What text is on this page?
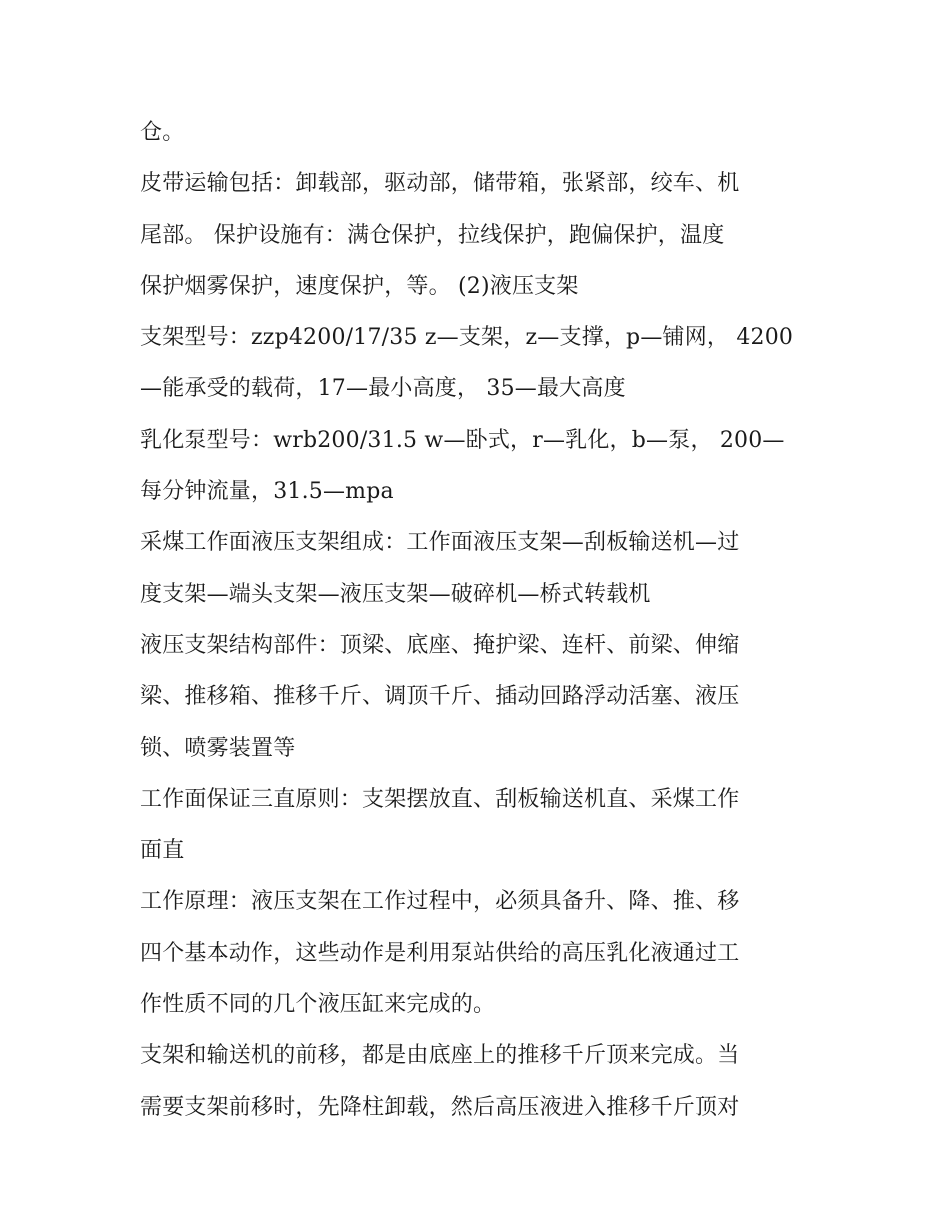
仓。
皮带运输包括：卸载部，驱动部，储带箱，张紧部，绞车、机
尾部。 保护设施有：满仓保护，拉线保护，跑偏保护，温度
保护烟雾保护，速度保护，等。 (2)液压支架
支架型号：zzp4200/17/35 z—支架，z—支撑，p—铺网， 4200
—能承受的载荷，17—最小高度， 35—最大高度
乳化泵型号：wrb200/31.5 w—卧式，r—乳化，b—泵， 200—
每分钟流量，31.5—mpa
采煤工作面液压支架组成：工作面液压支架—刮板输送机—过
度支架—端头支架—液压支架—破碎机—桥式转载机
液压支架结构部件：顶梁、底座、掩护梁、连杆、前梁、伸缩
梁、推移箱、推移千斤、调顶千斤、插动回路浮动活塞、液压
锁、喷雾装置等
工作面保证三直原则：支架摆放直、刮板输送机直、采煤工作
面直
工作原理：液压支架在工作过程中，必须具备升、降、推、移
四个基本动作，这些动作是利用泵站供给的高压乳化液通过工
作性质不同的几个液压缸来完成的。
支架和输送机的前移，都是由底座上的推移千斤顶来完成。当
需要支架前移时，先降柱卸载，然后高压液进入推移千斤顶对
